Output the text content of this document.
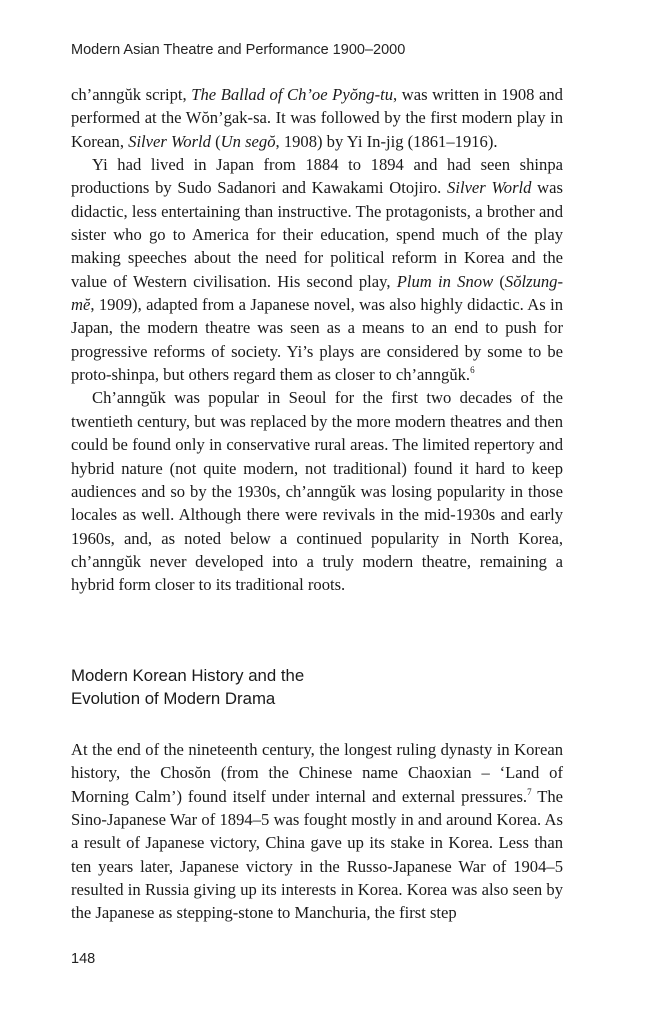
Modern Asian Theatre and Performance 1900–2000

ch’anngŭk script, The Ballad of Ch’oe Pyŏng-tu, was written in 1908 and performed at the Wŏn’gak-sa. It was followed by the first modern play in Korean, Silver World (Un segŏ, 1908) by Yi In-jig (1861–1916).

Yi had lived in Japan from 1884 to 1894 and had seen shinpa productions by Sudo Sadanori and Kawakami Otojiro. Silver World was didactic, less entertaining than instructive. The protagonists, a brother and sister who go to America for their education, spend much of the play making speeches about the need for political reform in Korea and the value of Western civilisation. His second play, Plum in Snow (Sŏlzung-mĕ, 1909), adapted from a Japanese novel, was also highly didactic. As in Japan, the modern theatre was seen as a means to an end to push for progressive reforms of society. Yi’s plays are considered by some to be proto-shinpa, but others regard them as closer to ch’anngŭk.$^6$

Ch’anngŭk was popular in Seoul for the first two decades of the twentieth century, but was replaced by the more modern theatres and then could be found only in conservative rural areas. The limited repertory and hybrid nature (not quite modern, not traditional) found it hard to keep audiences and so by the 1930s, ch’anngŭk was losing popularity in those locales as well. Although there were revivals in the mid-1930s and early 1960s, and, as noted below a continued popularity in North Korea, ch’anngŭk never developed into a truly modern theatre, remaining a hybrid form closer to its traditional roots.

Modern Korean History and the
Evolution of Modern Drama

At the end of the nineteenth century, the longest ruling dynasty in Korean history, the Chosŏn (from the Chinese name Chaoxian – ‘Land of Morning Calm’) found itself under internal and external pressures.$^7$ The Sino-Japanese War of 1894–5 was fought mostly in and around Korea. As a result of Japanese victory, China gave up its stake in Korea. Less than ten years later, Japanese victory in the Russo-Japanese War of 1904–5 resulted in Russia giving up its interests in Korea. Korea was also seen by the Japanese as stepping-stone to Manchuria, the first step

148
